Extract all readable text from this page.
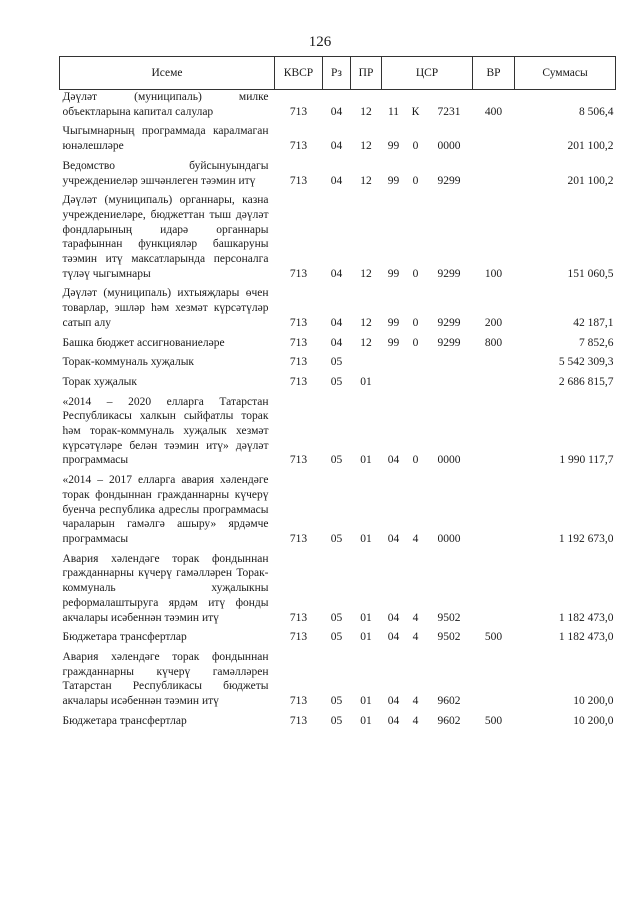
126
Исеме	КВСР	Рз	ПР	ЦСР			ВР	Суммасы
Дәүләт (муниципаль) милке объектларына капитал салулар	713	04	12	11	К	7231	400	8 506,4
Чыгымнарның программада каралмаган юнәлешләре	713	04	12	99	0	0000		201 100,2
Ведомство буйсынуындагы учреждениеләр эшчәнлеген тәэмин итү	713	04	12	99	0	9299		201 100,2
Дәүләт (муниципаль) органнары, казна учреждениеләре, бюджеттан тыш дәүләт фондларының идарә органнары тарафыннан функцияләр башкаруны тәэмин итү максатларында персоналга түләү чыгымнары	713	04	12	99	0	9299	100	151 060,5
Дәүләт (муниципаль) ихтыяҗлары өчен товарлар, эшләр һәм хезмәт күрсәтүләр сатып алу	713	04	12	99	0	9299	200	42 187,1
Башка бюджет ассигнованиеләре	713	04	12	99	0	9299	800	7 852,6
Торак-коммуналь хуҗалык	713	05						5 542 309,3
Торак хуҗалык	713	05	01					2 686 815,7
«2014 – 2020 елларга Татарстан Республикасы халкын сыйфатлы торак һәм торак-коммуналь хуҗалык хезмәт күрсәтүләре белән тәэмин итү» дәүләт программасы	713	05	01	04	0	0000		1 990 117,7
«2014 – 2017 елларга авария хәлендәге торак фондыннан гражданнарны күчерү буенча республика адреслы программасы чараларын гамәлгә ашыру» ярдәмче программасы	713	05	01	04	4	0000		1 192 673,0
Авария хәлендәге торак фондыннан гражданнарны күчерү гамәлләрен Торак-коммуналь хуҗалыкны реформалаштыруга ярдәм итү фонды акчалары исәбеннән тәэмин итү	713	05	01	04	4	9502		1 182 473,0
Бюджетара трансфертлар	713	05	01	04	4	9502	500	1 182 473,0
Авария хәлендәге торак фондыннан гражданнарны күчерү гамәлләрен Татарстан Республикасы бюджеты акчалары исәбеннән тәэмин итү	713	05	01	04	4	9602		10 200,0
Бюджетара трансфертлар	713	05	01	04	4	9602	500	10 200,0
